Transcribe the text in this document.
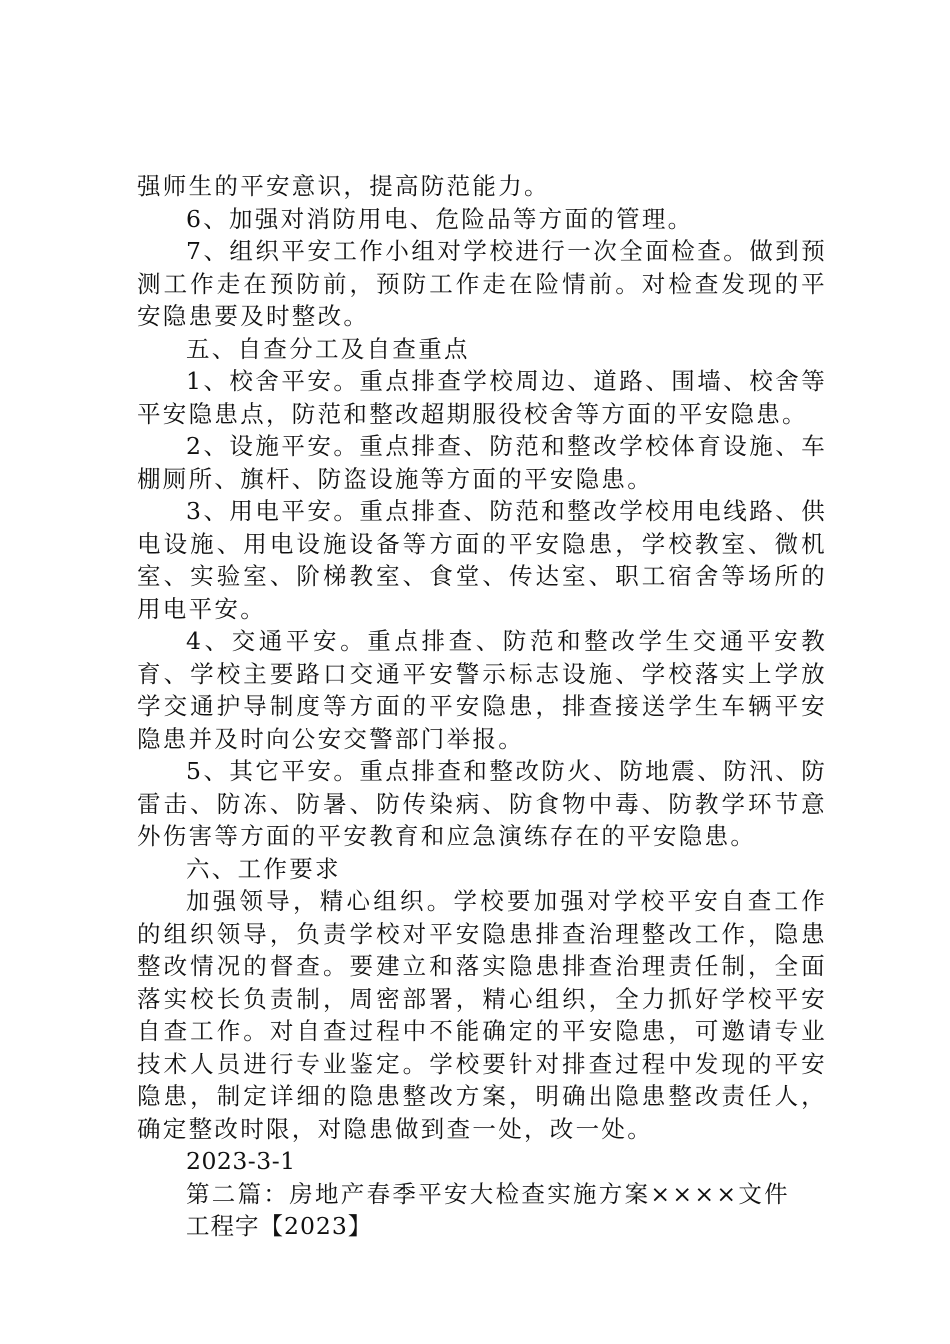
强师生的平安意识，提高防范能力。

6、加强对消防用电、危险品等方面的管理。

7、组织平安工作小组对学校进行一次全面检查。做到预测工作走在预防前，预防工作走在险情前。对检查发现的平安隐患要及时整改。

五、自查分工及自查重点

1、校舍平安。重点排查学校周边、道路、围墙、校舍等平安隐患点，防范和整改超期服役校舍等方面的平安隐患。

2、设施平安。重点排查、防范和整改学校体育设施、车棚厕所、旗杆、防盗设施等方面的平安隐患。

3、用电平安。重点排查、防范和整改学校用电线路、供电设施、用电设施设备等方面的平安隐患，学校教室、微机室、实验室、阶梯教室、食堂、传达室、职工宿舍等场所的用电平安。

4、交通平安。重点排查、防范和整改学生交通平安教育、学校主要路口交通平安警示标志设施、学校落实上学放学交通护导制度等方面的平安隐患，排查接送学生车辆平安隐患并及时向公安交警部门举报。

5、其它平安。重点排查和整改防火、防地震、防汛、防雷击、防冻、防暑、防传染病、防食物中毒、防教学环节意外伤害等方面的平安教育和应急演练存在的平安隐患。

六、工作要求

加强领导，精心组织。学校要加强对学校平安自查工作的组织领导，负责学校对平安隐患排查治理整改工作，隐患整改情况的督查。要建立和落实隐患排查治理责任制，全面落实校长负责制，周密部署，精心组织，全力抓好学校平安自查工作。对自查过程中不能确定的平安隐患，可邀请专业技术人员进行专业鉴定。学校要针对排查过程中发现的平安隐患，制定详细的隐患整改方案，明确出隐患整改责任人，确定整改时限，对隐患做到查一处，改一处。

2023-3-1

第二篇：房地产春季平安大检查实施方案××××文件

工程字【2023】
